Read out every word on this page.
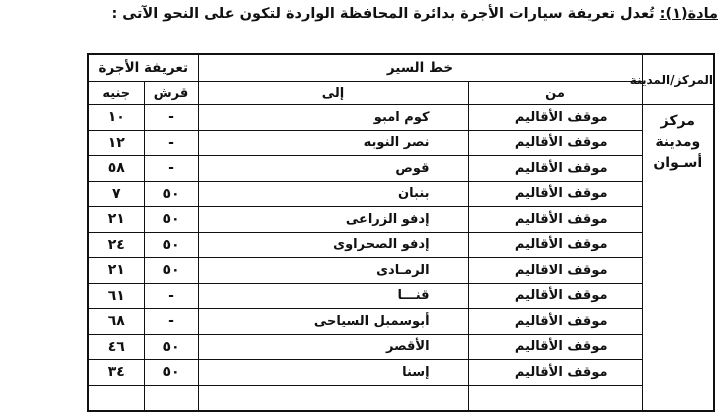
مادة(١): تُعدل تعريفة سيارات الأجرة بدائرة المحافظة الواردة لتكون على النحو الآتى :
المركز/المدينة	خط السير		تعريفة الأجرة	
	من	إلى	قرش	جنيه

مركز ومدينة
أسـوان	موقف الأقاليم	كوم امبو	-	١٠
	موقف الأقاليم	نصر النوبه	-	١٢
	موقف الأقاليم	قوص	-	٥٨
	موقف الأقاليم	بنبان	٥٠	٧
	موقف الأقاليم	إدفو الزراعى	٥٠	٢١
	موقف الأقاليم	إدفو الصحراوى	٥٠	٢٤
	موقف الاقاليم	الرمـادى	٥٠	٢١
	موقف الأقاليم	قنـــا	-	٦١
	موقف الأقاليم	أبوسمبل السياحى	-	٦٨
	موقف الأقاليم	الأقصر	٥٠	٤٦
	موقف الأقاليم	إسنا	٥٠	٣٤
